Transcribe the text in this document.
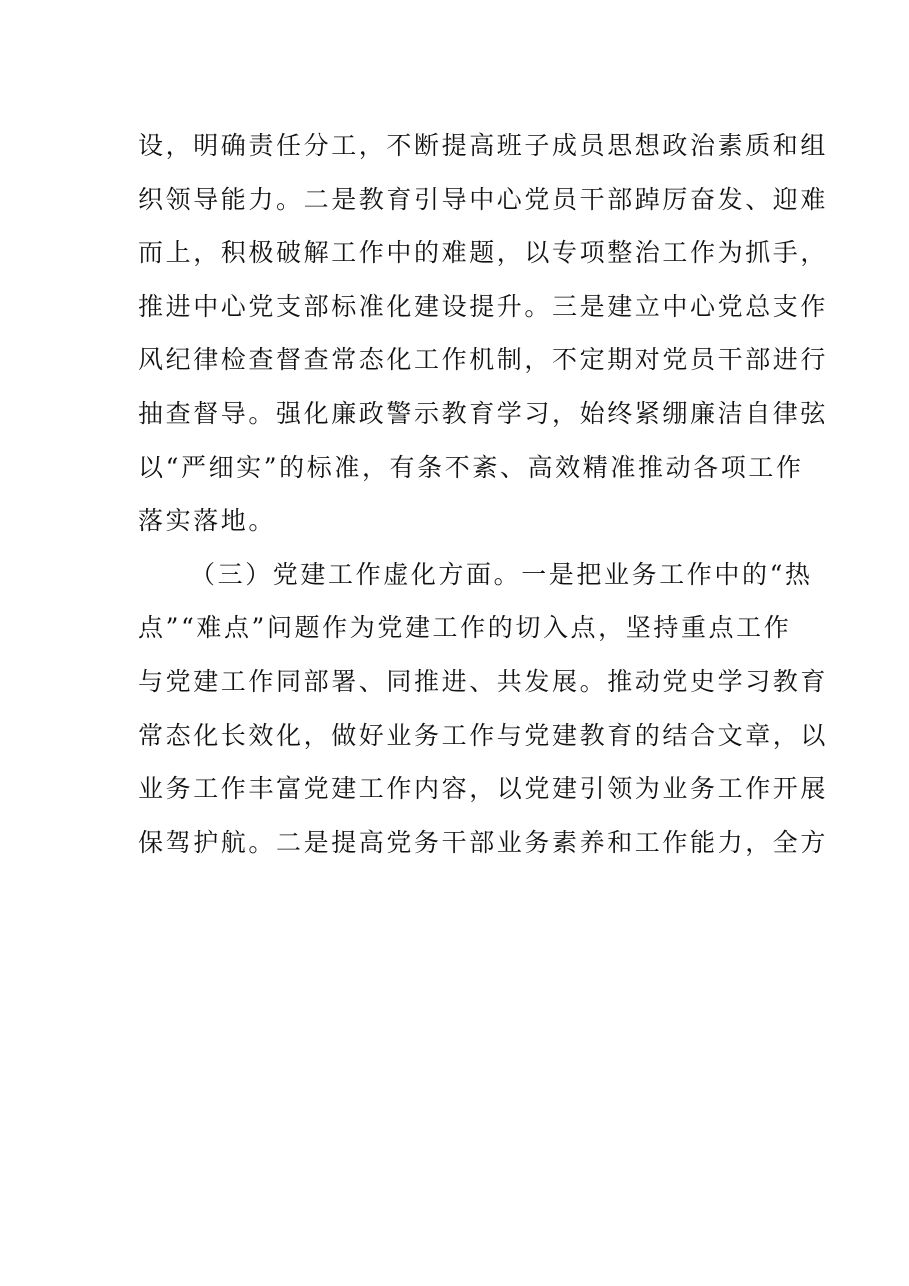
设，明确责任分工，不断提高班子成员思想政治素质和组
织领导能力。二是教育引导中心党员干部踔厉奋发、迎难
而上，积极破解工作中的难题，以专项整治工作为抓手，
推进中心党支部标准化建设提升。三是建立中心党总支作
风纪律检查督查常态化工作机制，不定期对党员干部进行
抽查督导。强化廉政警示教育学习，始终紧绷廉洁自律弦
以“严细实”的标准，有条不紊、高效精准推动各项工作
落实落地。
（三）党建工作虚化方面。一是把业务工作中的“热
点”“难点”问题作为党建工作的切入点，坚持重点工作
与党建工作同部署、同推进、共发展。推动党史学习教育
常态化长效化，做好业务工作与党建教育的结合文章，以
业务工作丰富党建工作内容，以党建引领为业务工作开展
保驾护航。二是提高党务干部业务素养和工作能力，全方
